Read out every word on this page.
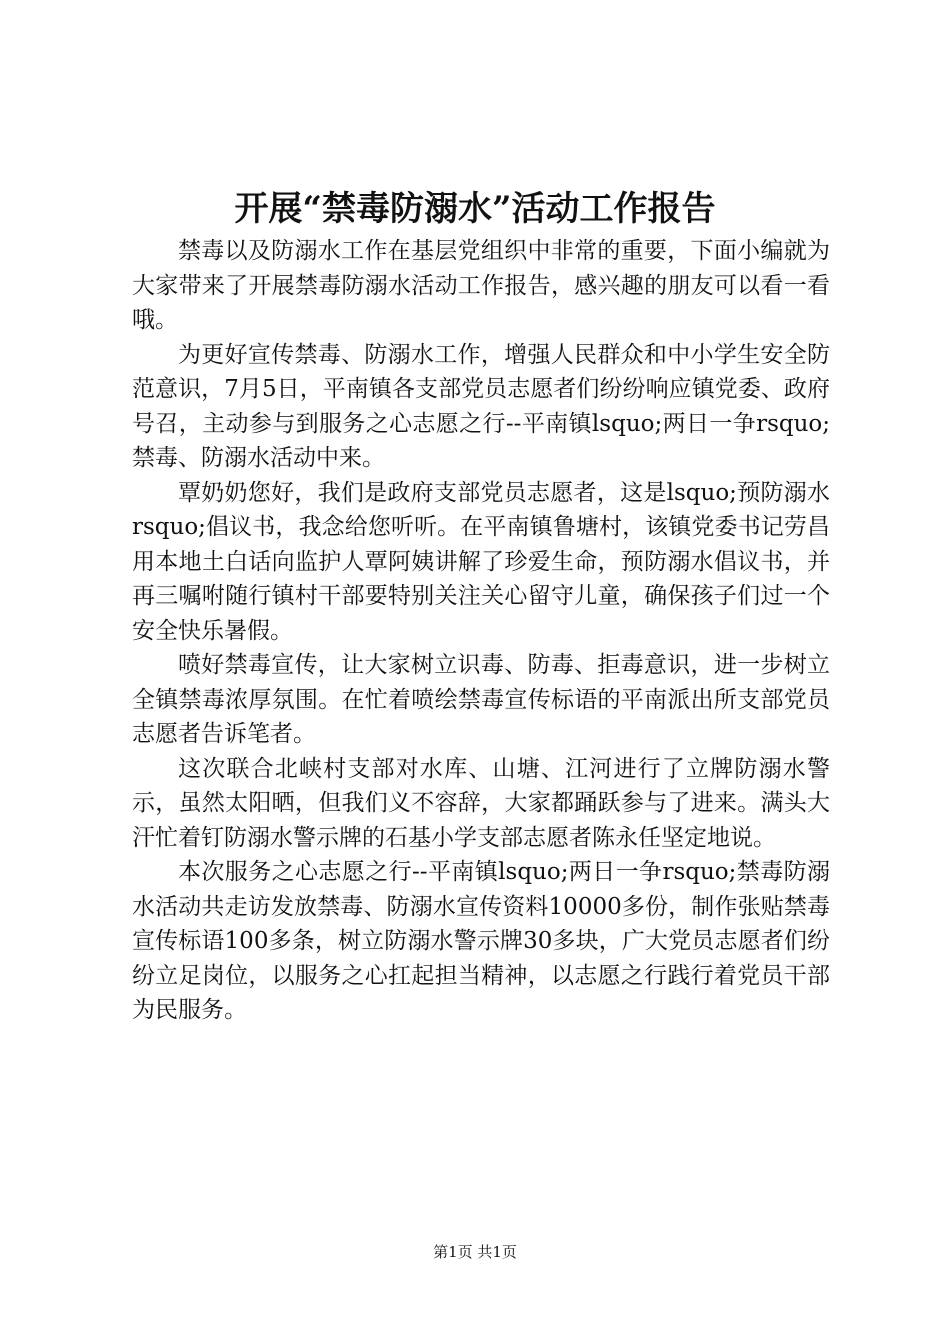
开展“禁毒防溺水”活动工作报告

禁毒以及防溺水工作在基层党组织中非常的重要，下面小编就为大家带来了开展禁毒防溺水活动工作报告，感兴趣的朋友可以看一看哦。

为更好宣传禁毒、防溺水工作，增强人民群众和中小学生安全防范意识，7月5日，平南镇各支部党员志愿者们纷纷响应镇党委、政府号召，主动参与到服务之心志愿之行--平南镇lsquo;两日一争rsquo;禁毒、防溺水活动中来。

覃奶奶您好，我们是政府支部党员志愿者，这是lsquo;预防溺水rsquo;倡议书，我念给您听听。在平南镇鲁塘村，该镇党委书记劳昌用本地土白话向监护人覃阿姨讲解了珍爱生命，预防溺水倡议书，并再三嘱咐随行镇村干部要特别关注关心留守儿童，确保孩子们过一个安全快乐暑假。

喷好禁毒宣传，让大家树立识毒、防毒、拒毒意识，进一步树立全镇禁毒浓厚氛围。在忙着喷绘禁毒宣传标语的平南派出所支部党员志愿者告诉笔者。

这次联合北峡村支部对水库、山塘、江河进行了立牌防溺水警示，虽然太阳晒，但我们义不容辞，大家都踊跃参与了进来。满头大汗忙着钉防溺水警示牌的石基小学支部志愿者陈永任坚定地说。

本次服务之心志愿之行--平南镇lsquo;两日一争rsquo;禁毒防溺水活动共走访发放禁毒、防溺水宣传资料10000多份，制作张贴禁毒宣传标语100多条，树立防溺水警示牌30多块，广大党员志愿者们纷纷立足岗位，以服务之心扛起担当精神，以志愿之行践行着党员干部为民服务。

第1页 共1页
